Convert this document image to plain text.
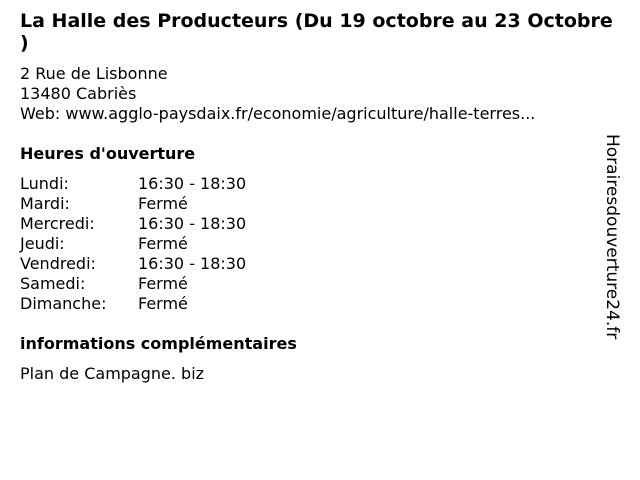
La Halle des Producteurs (Du 19 octobre au 23 Octobre )
2 Rue de Lisbonne
13480 Cabriès
Web: www.agglo-paysdaix.fr/economie/agriculture/halle-terres...
Heures d'ouverture
Lundi:	16:30 - 18:30
Mardi:	Fermé
Mercredi:	16:30 - 18:30
Jeudi:	Fermé
Vendredi:	16:30 - 18:30
Samedi:	Fermé
Dimanche: Fermé
informations complémentaires
Plan de Campagne. biz
Horairesdouverture24.fr
